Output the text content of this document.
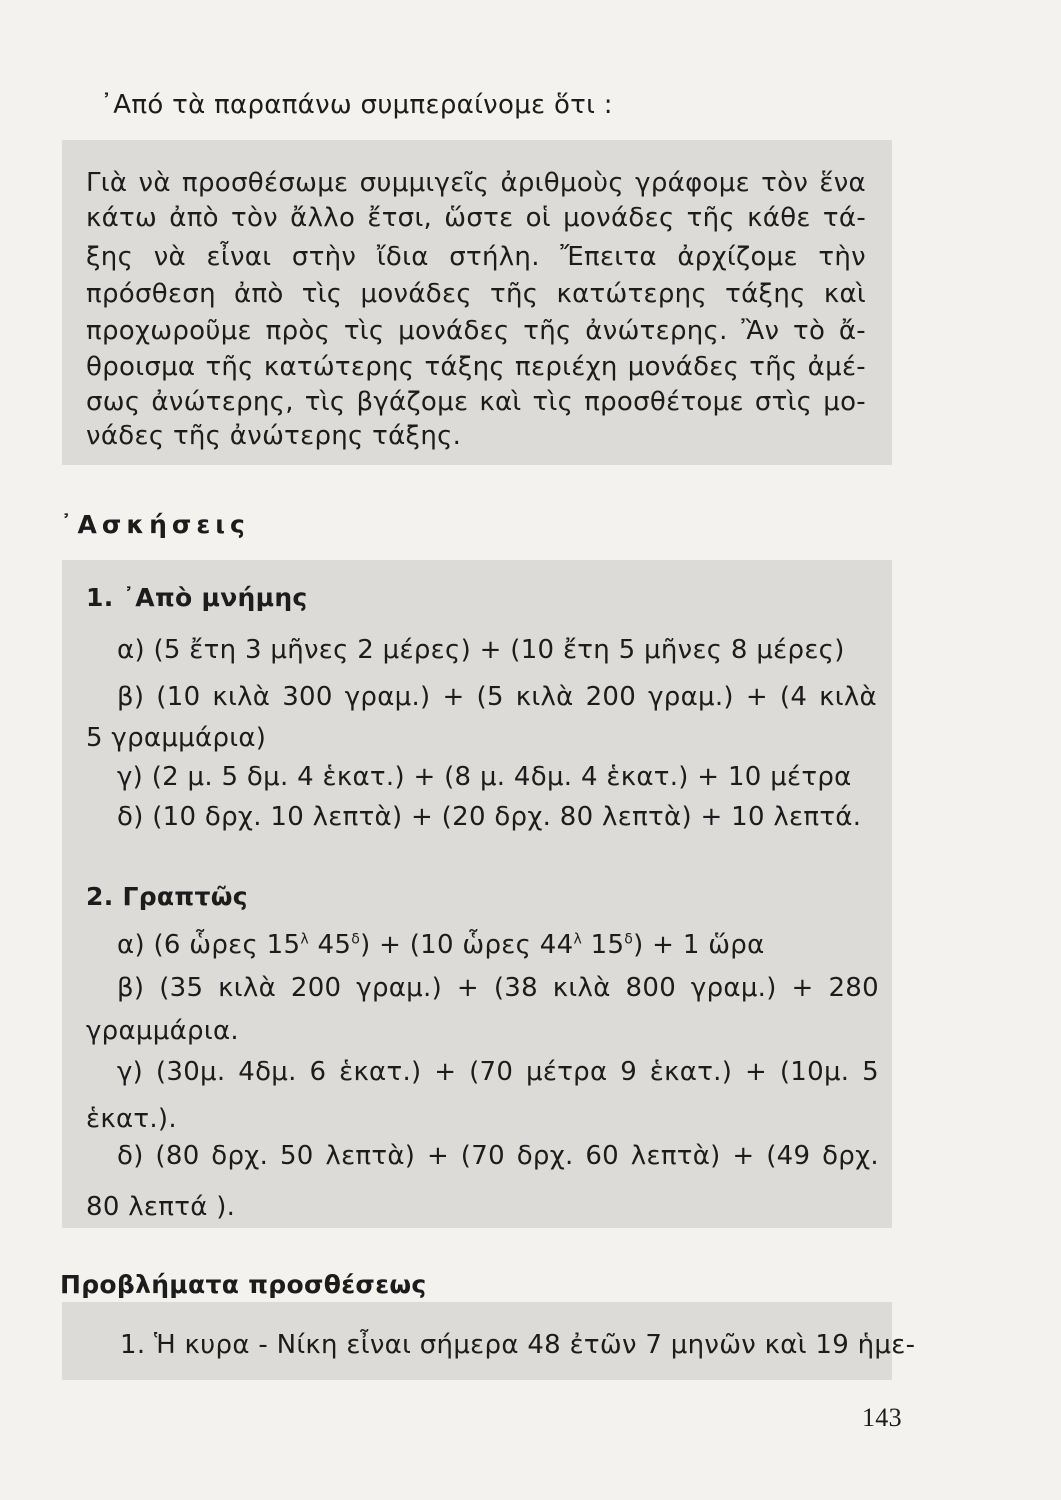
᾿Από τὰ παραπάνω συμπεραίνομε ὅτι :

Γιὰ νὰ προσθέσωμε συμμιγεῖς ἀριθμοὺς γράφομε τὸν ἕνα

κάτω ἀπὸ τὸν ἄλλο ἔτσι, ὥστε οἱ μονάδες τῆς κάθε τά-

ξης νὰ εἶναι στὴν ἴδια στήλη. Ἔπειτα ἀρχίζομε τὴν

πρόσθεση ἀπὸ τὶς μονάδες τῆς κατώτερης τάξης καὶ

προχωροῦμε πρὸς τὶς μονάδες τῆς ἀνώτερης. Ἂν τὸ ἄ-

θροισμα τῆς κατώτερης τάξης περιέχη μονάδες τῆς ἀμέ-

σως ἀνώτερης, τὶς βγάζομε καὶ τὶς προσθέτομε στὶς μο-

νάδες τῆς ἀνώτερης τάξης.

᾿Ασκήσεις

1. ᾿Απὸ μνήμης

α) (5 ἔτη 3 μῆνες 2 μέρες) + (10 ἔτη 5 μῆνες 8 μέρες)

β) (10 κιλὰ 300 γραμ.) + (5 κιλὰ 200 γραμ.) + (4 κιλὰ

5 γραμμάρια)

γ) (2 μ. 5 δμ. 4 ἑκατ.) + (8 μ. 4δμ. 4 ἑκατ.) + 10 μέτρα

δ) (10 δρχ. 10 λεπτὰ) + (20 δρχ. 80 λεπτὰ) + 10 λεπτά.

2. Γραπτῶς

α) (6 ὧρες $15^\lambda$ $45^\delta) + (10$ ὧρες $44^\lambda$ $15^\delta) + 1$ ὥρα

β) (35 κιλὰ 200 γραμ.) + (38 κιλὰ 800 γραμ.) + 280

γραμμάρια.

γ) (30μ. 4δμ. 6 ἑκατ.) + (70 μέτρα 9 ἑκατ.) + (10μ. 5

ἑκατ.).

δ) (80 δρχ. 50 λεπτὰ) + (70 δρχ. 60 λεπτὰ) + (49 δρχ.

80 λεπτά ).

Προβλήματα προσθέσεως

1. Ἡ κυρα - Νίκη εἶναι σήμερα 48 ἐτῶν 7 μηνῶν καὶ 19 ἡμε-

143
